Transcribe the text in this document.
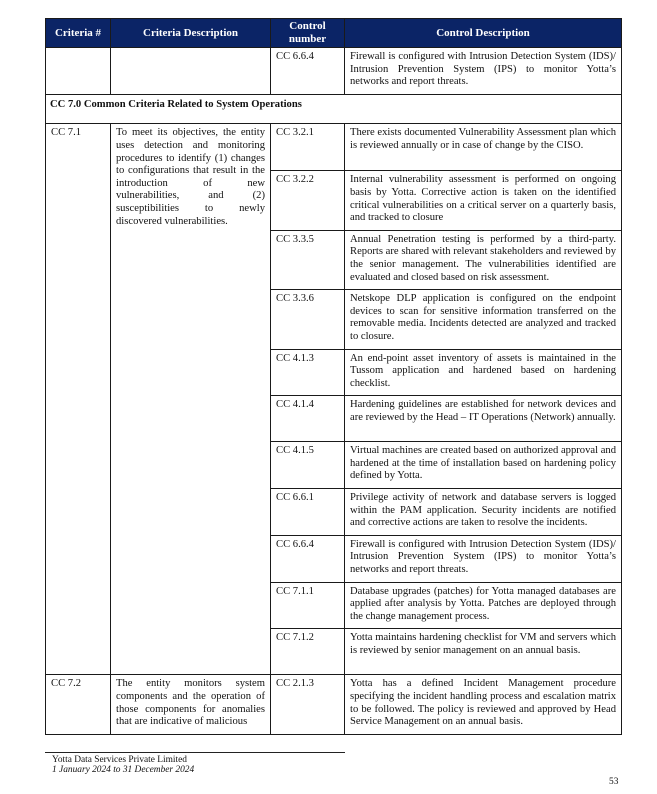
Criteria #	Criteria Description	Control number	Control Description
		CC 6.6.4	Firewall is configured with Intrusion Detection System (IDS)/ Intrusion Prevention System (IPS) to monitor Yotta’s networks and report threats.
CC 7.0 Common Criteria Related to System Operations			
CC 7.1	To meet its objectives, the entity uses detection and monitoring procedures to identify (1) changes to configurations that result in the introduction of new vulnerabilities, and (2) susceptibilities to newly discovered vulnerabilities.	CC 3.2.1	There exists documented Vulnerability Assessment plan which is reviewed annually or in case of change by the CISO.
		CC 3.2.2	Internal vulnerability assessment is performed on ongoing basis by Yotta. Corrective action is taken on the identified critical vulnerabilities on a critical server on a quarterly basis, and tracked to closure
		CC 3.3.5	Annual Penetration testing is performed by a third-party. Reports are shared with relevant stakeholders and reviewed by the senior management. The vulnerabilities identified are evaluated and closed based on risk assessment.
		CC 3.3.6	Netskope DLP application is configured on the endpoint devices to scan for sensitive information transferred on the removable media. Incidents detected are analyzed and tracked to closure.
		CC 4.1.3	An end-point asset inventory of assets is maintained in the Tussom application and hardened based on hardening checklist.
		CC 4.1.4	Hardening guidelines are established for network devices and are reviewed by the Head – IT Operations (Network) annually.
		CC 4.1.5	Virtual machines are created based on authorized approval and hardened at the time of installation based on hardening policy defined by Yotta.
		CC 6.6.1	Privilege activity of network and database servers is logged within the PAM application. Security incidents are notified and corrective actions are taken to resolve the incidents.
		CC 6.6.4	Firewall is configured with Intrusion Detection System (IDS)/ Intrusion Prevention System (IPS) to monitor Yotta’s networks and report threats.
		CC 7.1.1	Database upgrades (patches) for Yotta managed databases are applied after analysis by Yotta. Patches are deployed through the change management process.
		CC 7.1.2	Yotta maintains hardening checklist for VM and servers which is reviewed by senior management on an annual basis.
CC 7.2	The entity monitors system components and the operation of those components for anomalies that are indicative of malicious	CC 2.1.3	Yotta has a defined Incident Management procedure specifying the incident handling process and escalation matrix to be followed. The policy is reviewed and approved by Head Service Management on an annual basis.
Yotta Data Services Private Limited
1 January 2024 to 31 December 2024
53
